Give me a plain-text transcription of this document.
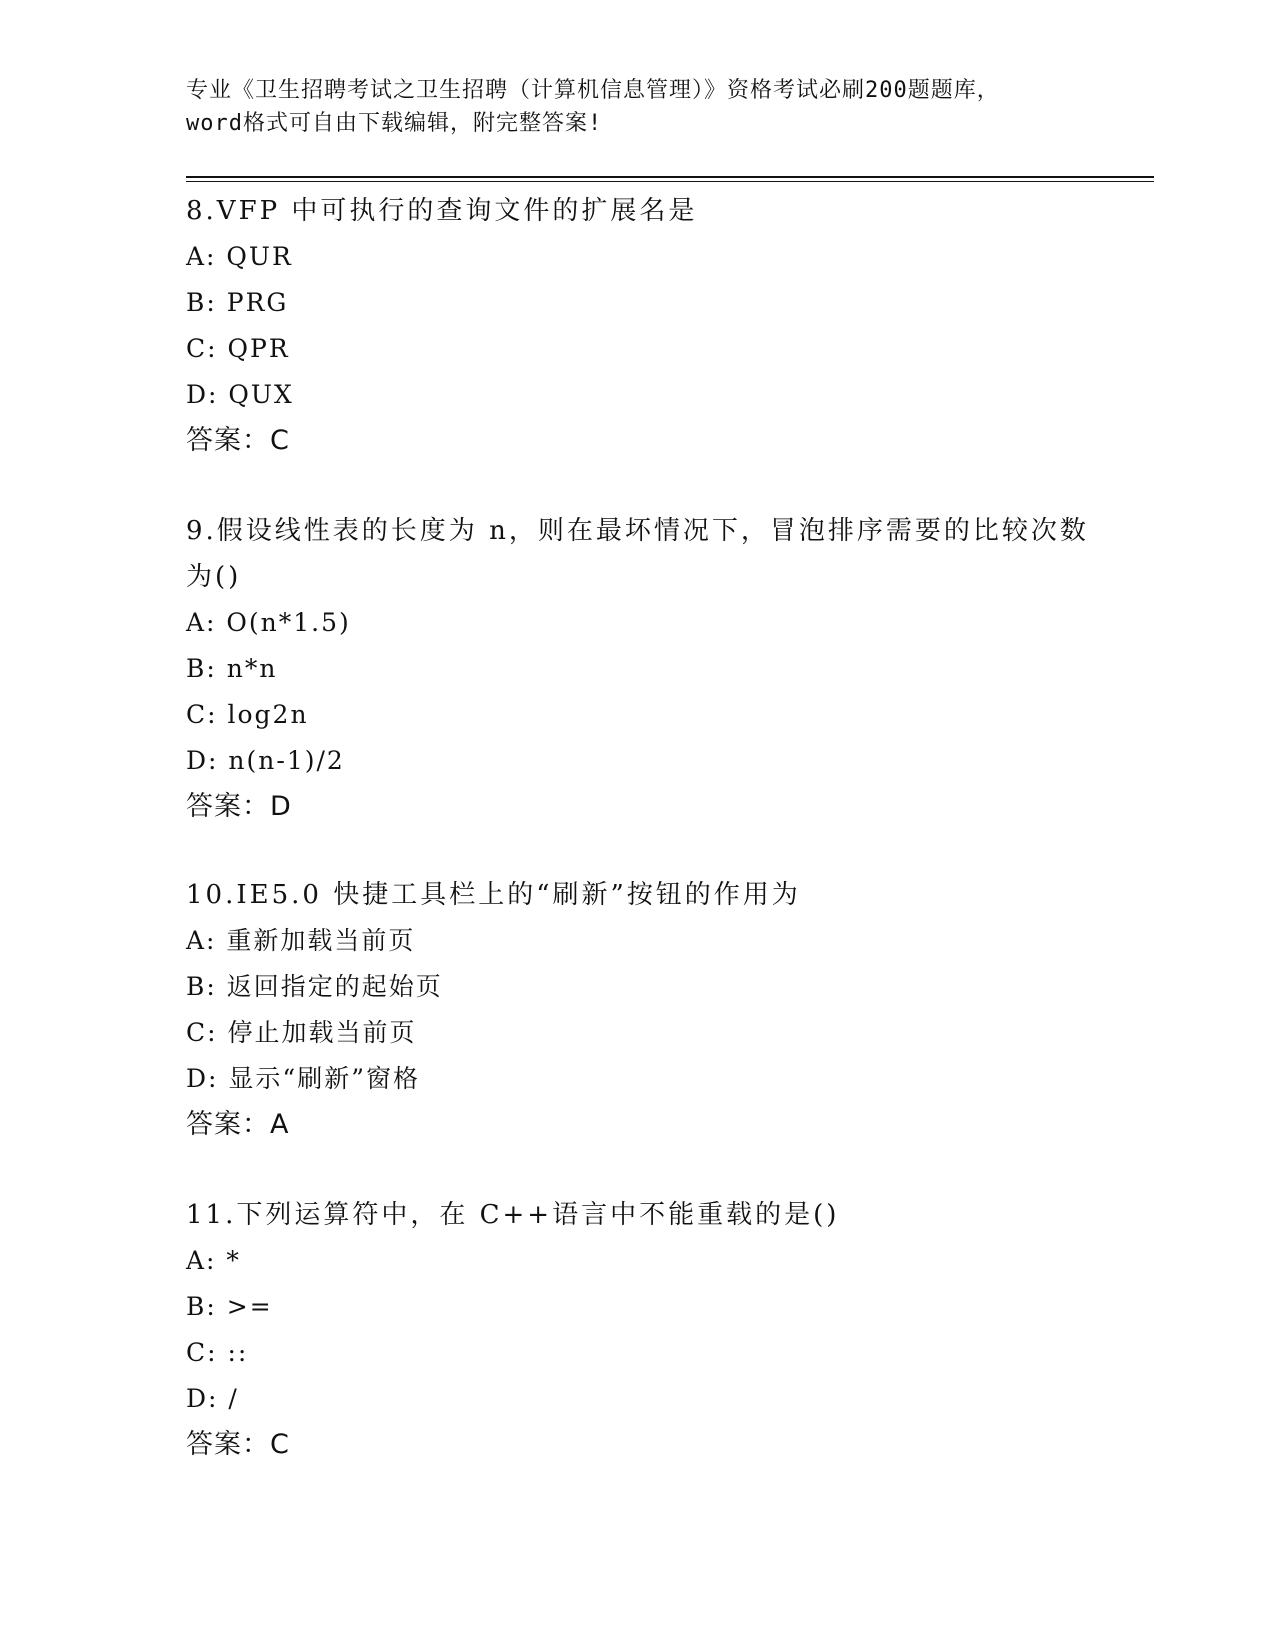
专业《卫生招聘考试之卫生招聘（计算机信息管理）》资格考试必刷200题题库，
word格式可自由下载编辑，附完整答案!
8.VFP 中可执行的查询文件的扩展名是
A: QUR
B: PRG
C: QPR
D: QUX
答案：C
9.假设线性表的长度为 n，则在最坏情况下，冒泡排序需要的比较次数
为()
A: O(n*1.5)
B: n*n
C: log2n
D: n(n-1)/2
答案：D
10.IE5.0 快捷工具栏上的“刷新”按钮的作用为
A: 重新加载当前页
B: 返回指定的起始页
C: 停止加载当前页
D: 显示“刷新”窗格
答案：A
11.下列运算符中，在 C++语言中不能重载的是()
A: *
B: >=
C: ::
D: /
答案：C
